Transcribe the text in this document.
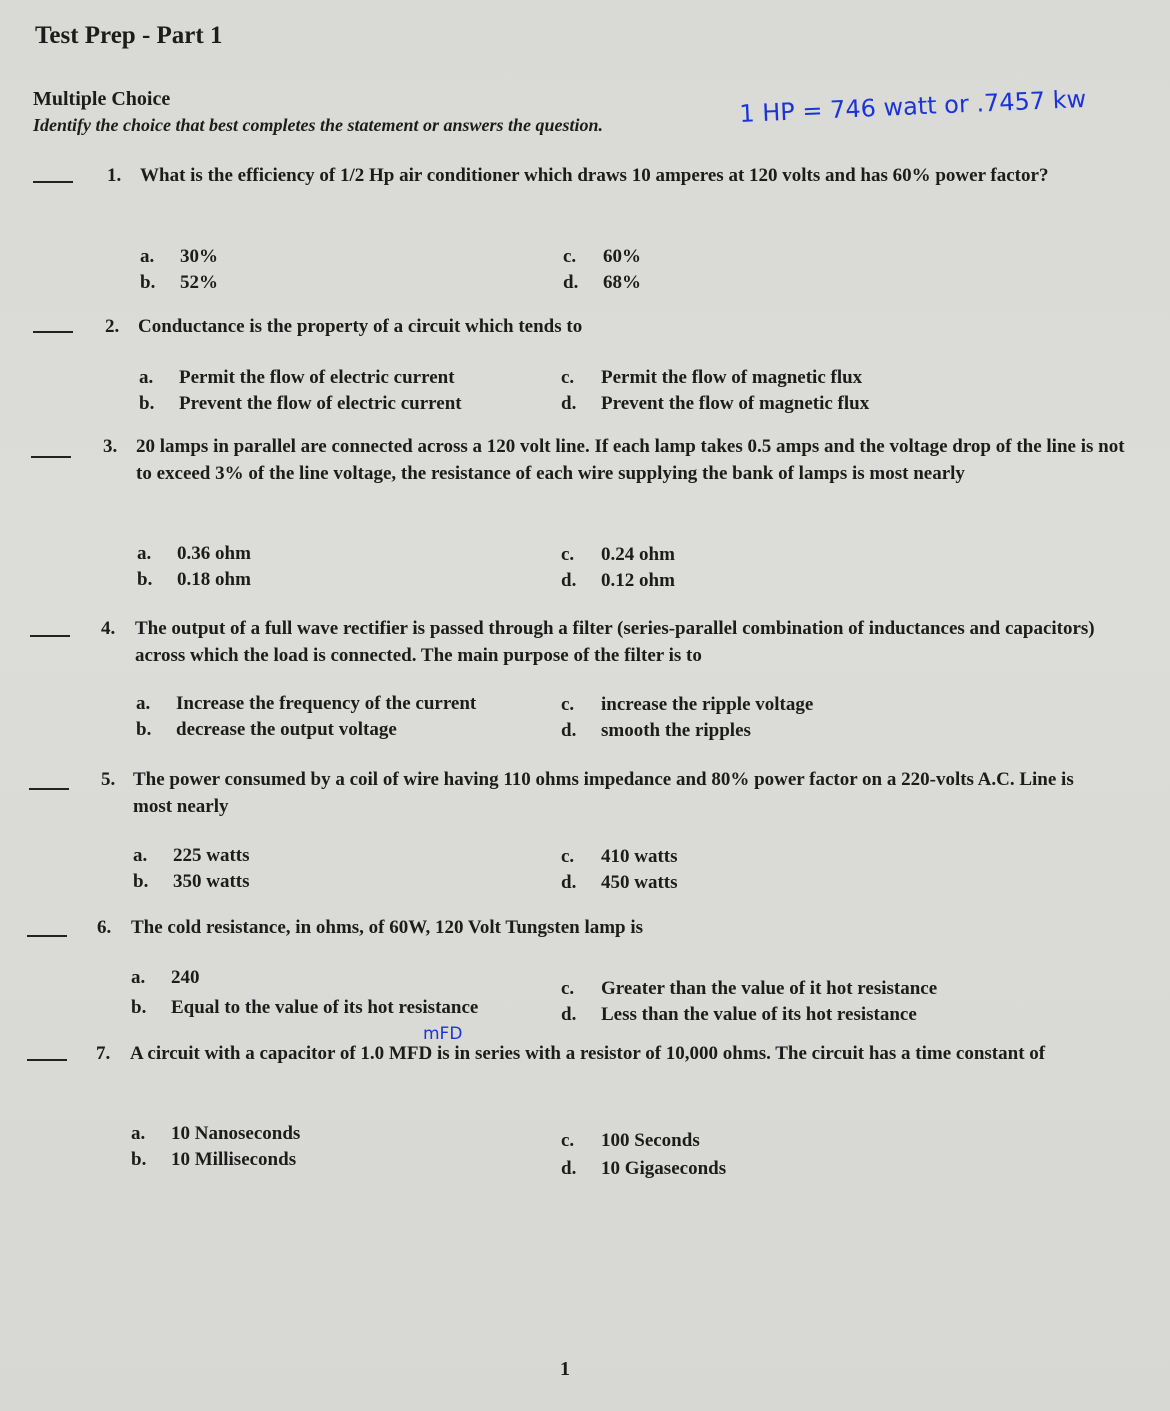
Test Prep - Part 1
Multiple Choice
Identify the choice that best completes the statement or answers the question.	1 HP = 746 watt or .7457 kw
1. What is the efficiency of 1/2 Hp air conditioner which draws 10 amperes at 120 volts and has 60% power factor?
a. 30%
b. 52%
c. 60%
d. 68%
2. Conductance is the property of a circuit which tends to
a. Permit the flow of electric current
b. Prevent the flow of electric current
c. Permit the flow of magnetic flux
d. Prevent the flow of magnetic flux
3. 20 lamps in parallel are connected across a 120 volt line. If each lamp takes 0.5 amps and the voltage drop of the line is not to exceed 3% of the line voltage, the resistance of each wire supplying the bank of lamps is most nearly
a. 0.36 ohm
b. 0.18 ohm
c. 0.24 ohm
d. 0.12 ohm
4. The output of a full wave rectifier is passed through a filter (series-parallel combination of inductances and capacitors) across which the load is connected. The main purpose of the filter is to
a. Increase the frequency of the current
b. decrease the output voltage
c. increase the ripple voltage
d. smooth the ripples
5. The power consumed by a coil of wire having 110 ohms impedance and 80% power factor on a 220-volts A.C. Line is most nearly
a. 225 watts
b. 350 watts
c. 410 watts
d. 450 watts
6. The cold resistance, in ohms, of 60W, 120 Volt Tungsten lamp is
a. 240
b. Equal to the value of its hot resistance
c. Greater than the value of it hot resistance
d. Less than the value of its hot resistance
mFD
7. A circuit with a capacitor of 1.0 MFD is in series with a resistor of 10,000 ohms. The circuit has a time constant of
a. 10 Nanoseconds
b. 10 Milliseconds
c. 100 Seconds
d. 10 Gigaseconds
1
